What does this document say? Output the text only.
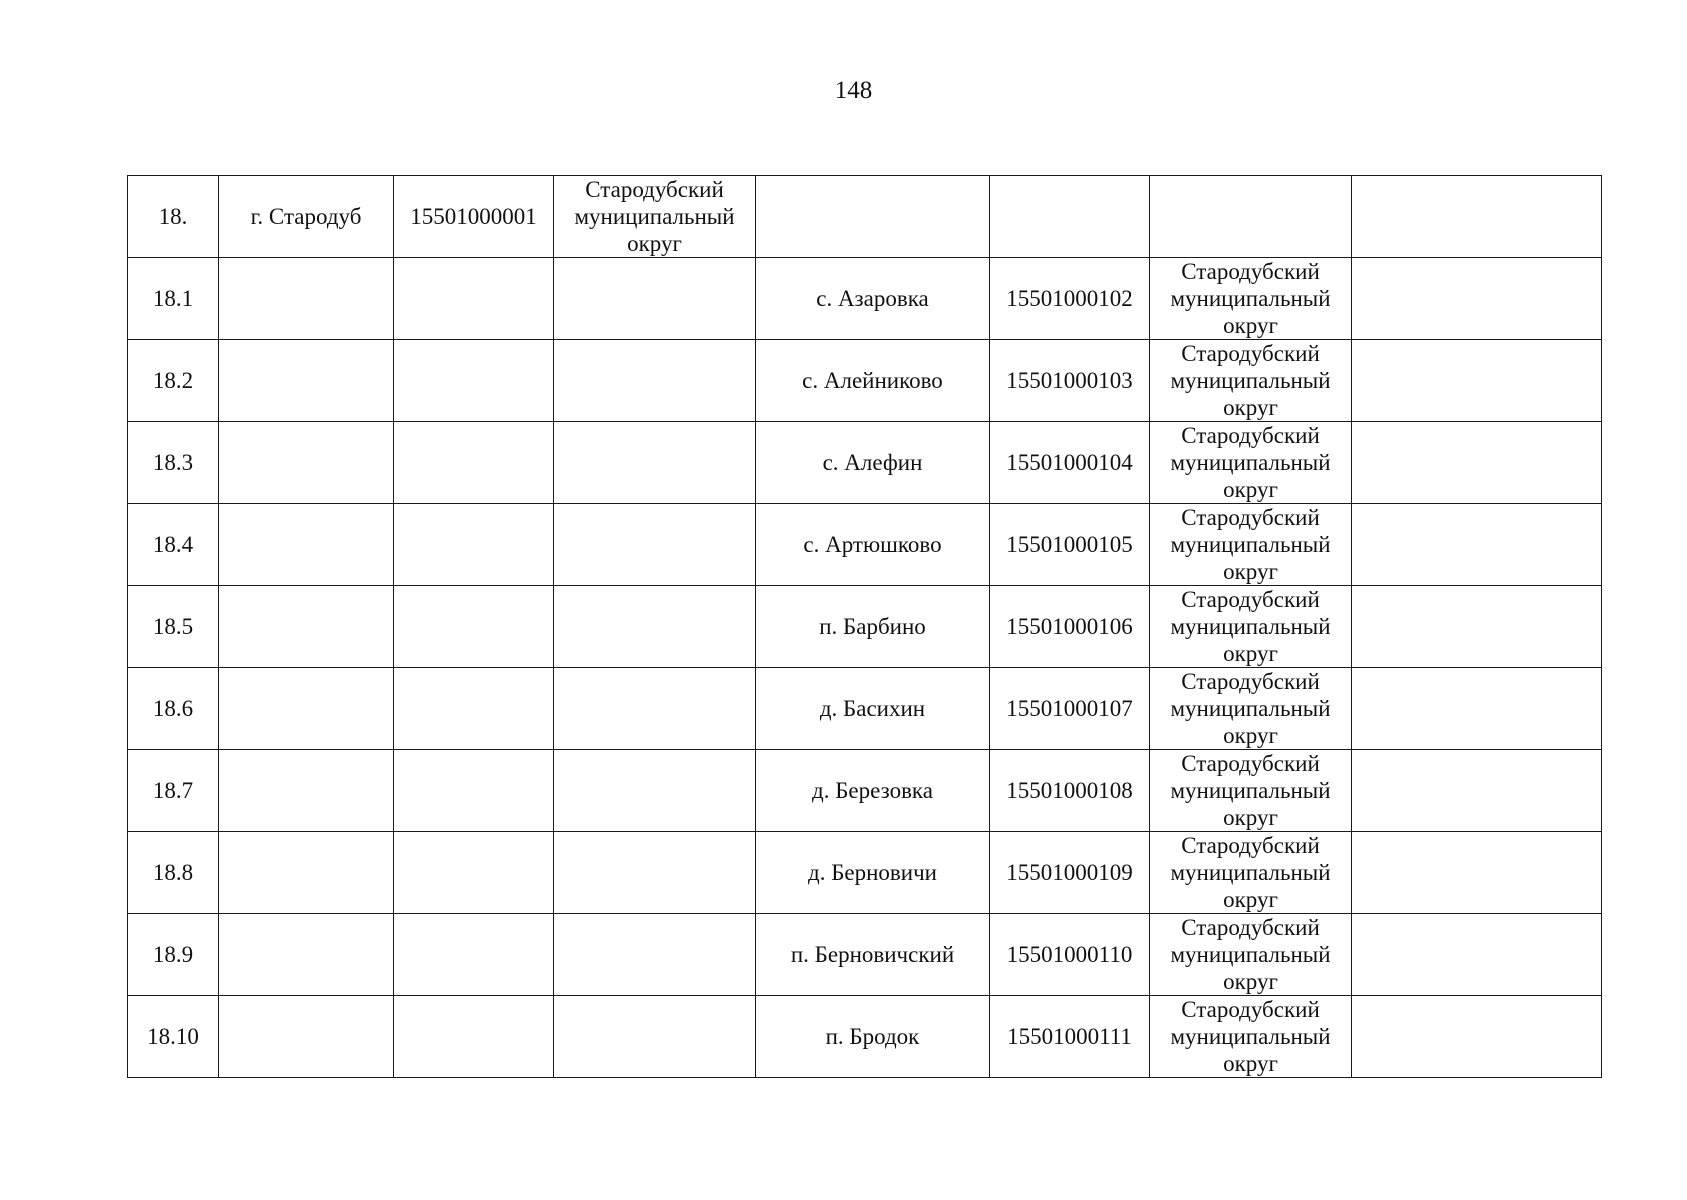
148
18.	г. Стародуб	15501000001	Стародубский муниципальный округ				
18.1				с. Азаровка	15501000102	Стародубский муниципальный округ	
18.2				с. Алейниково	15501000103	Стародубский муниципальный округ	
18.3				с. Алефин	15501000104	Стародубский муниципальный округ	
18.4				с. Артюшково	15501000105	Стародубский муниципальный округ	
18.5				п. Барбино	15501000106	Стародубский муниципальный округ	
18.6				д. Басихин	15501000107	Стародубский муниципальный округ	
18.7				д. Березовка	15501000108	Стародубский муниципальный округ	
18.8				д. Берновичи	15501000109	Стародубский муниципальный округ	
18.9				п. Берновичский	15501000110	Стародубский муниципальный округ	
18.10				п. Бродок	15501000111	Стародубский муниципальный округ	
